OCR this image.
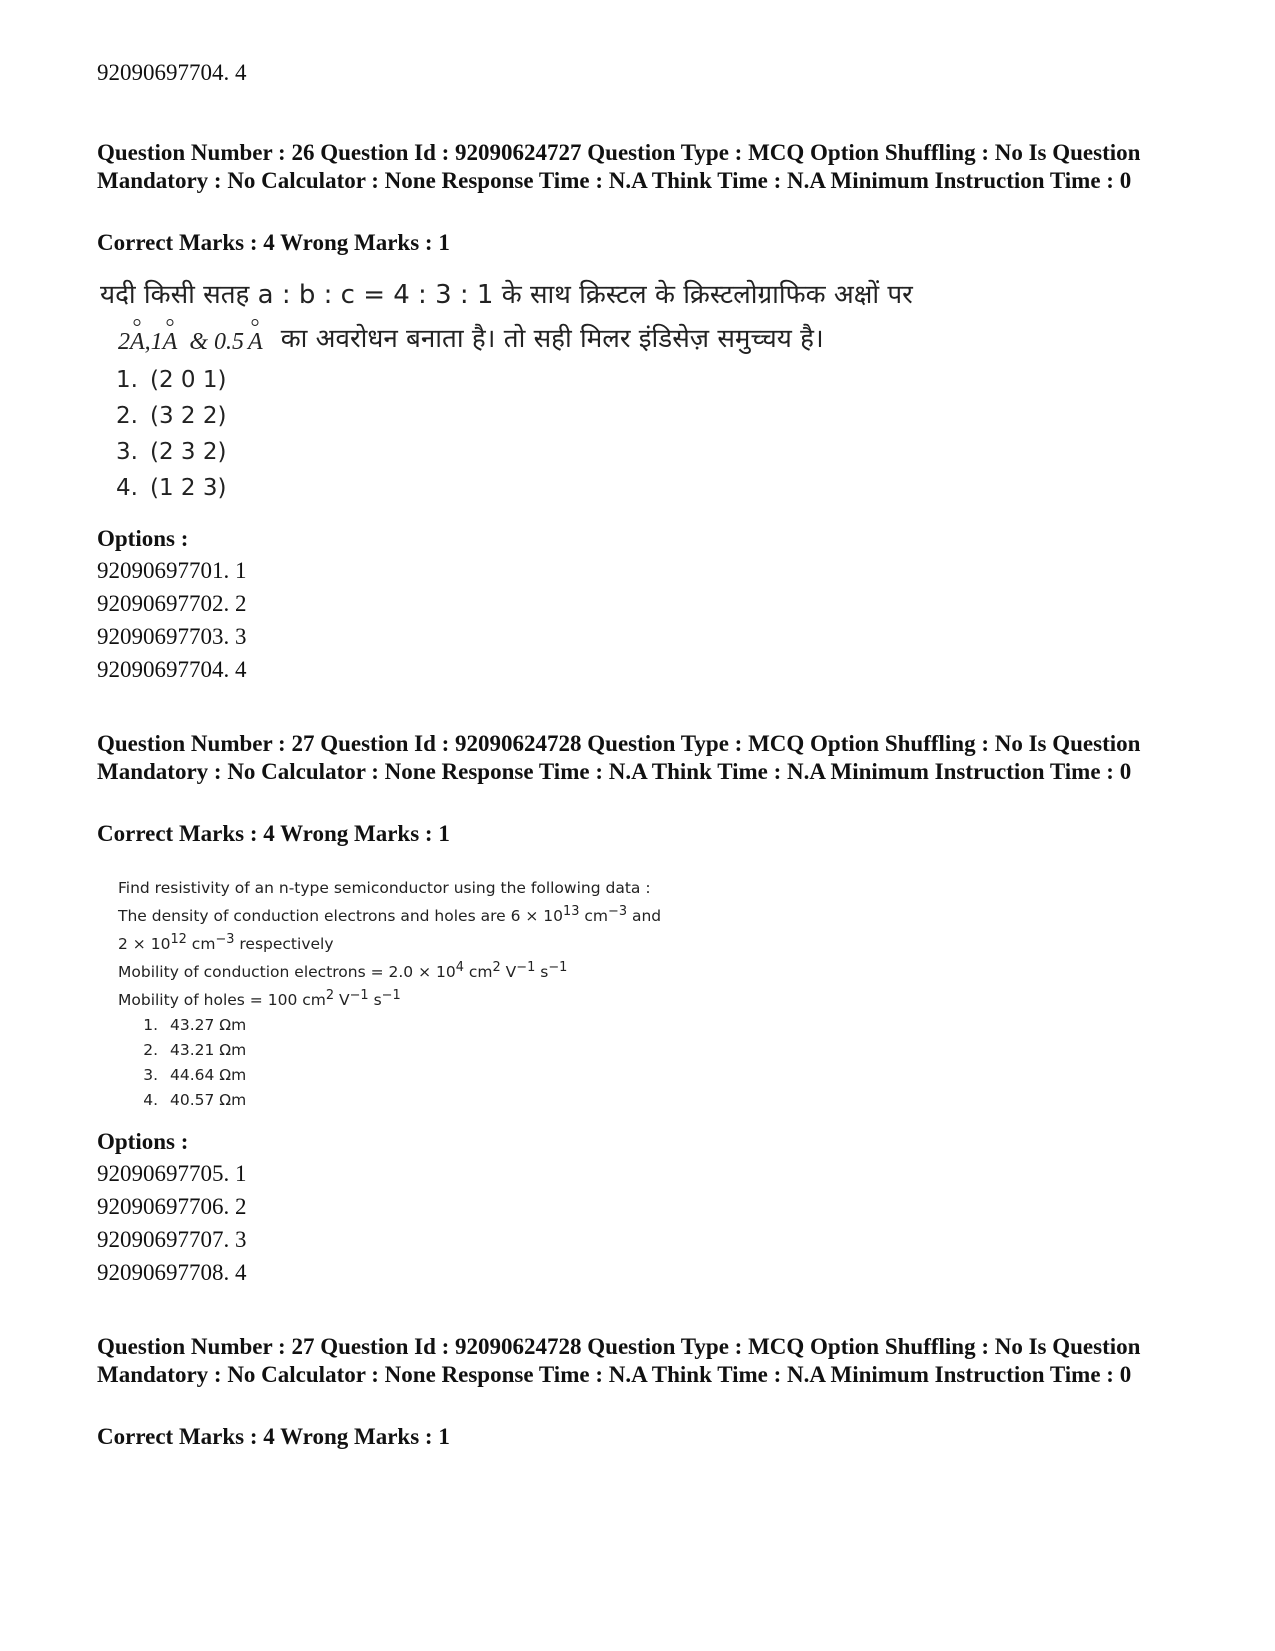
92090697704. 4
Question Number : 26 Question Id : 92090624727 Question Type : MCQ Option Shuffling : No Is Question Mandatory : No Calculator : None Response Time : N.A Think Time : N.A Minimum Instruction Time : 0
Correct Marks : 4 Wrong Marks : 1
यदी किसी सतह a : b : c = 4 : 3 : 1 के साथ क्रिस्टल के क्रिस्टलोग्राफिक अक्षों पर
2A,1A & 0.5 A का अवरोधन बनाता है। तो सही मिलर इंडिसेज़ समुच्चय है।
1. (2 0 1)
2. (3 2 2)
3. (2 3 2)
4. (1 2 3)
Options :
92090697701. 1
92090697702. 2
92090697703. 3
92090697704. 4
Question Number : 27 Question Id : 92090624728 Question Type : MCQ Option Shuffling : No Is Question Mandatory : No Calculator : None Response Time : N.A Think Time : N.A Minimum Instruction Time : 0
Correct Marks : 4 Wrong Marks : 1
Find resistivity of an n-type semiconductor using the following data :
The density of conduction electrons and holes are $6 \times 10^{13}$ $cm^{-3}$ and
$2 \times 10^{12}$ $cm^{-3}$ respectively
Mobility of conduction electrons = $2.0 \times 10^4$ $cm^2$ $V^{-1}$ $s^{-1}$
Mobility of holes = 100 $cm^2$ $V^{-1}$ $s^{-1}$
1. 43.27 Ωm
2. 43.21 Ωm
3. 44.64 Ωm
4. 40.57 Ωm
Options :
92090697705. 1
92090697706. 2
92090697707. 3
92090697708. 4
Question Number : 27 Question Id : 92090624728 Question Type : MCQ Option Shuffling : No Is Question Mandatory : No Calculator : None Response Time : N.A Think Time : N.A Minimum Instruction Time : 0
Correct Marks : 4 Wrong Marks : 1
